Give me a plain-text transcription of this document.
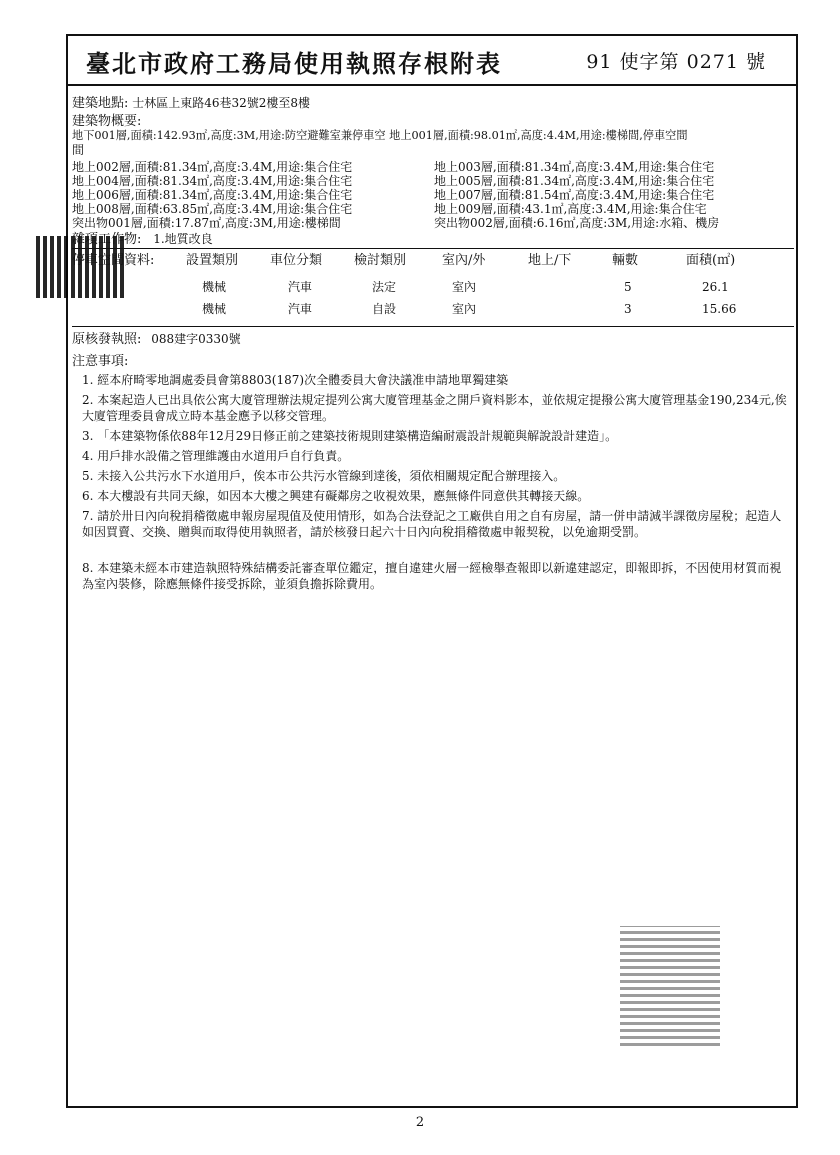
臺北市政府工務局使用執照存根附表	91 使字第 0271 號
建築地點: 士林區上東路46巷32號2樓至8樓
建築物概要:
地下001層,面積:142.93㎡,高度:3M,用途:防空避難室兼停車空 地上001層,面積:98.01㎡,高度:4.4M,用途:樓梯間,停車空間
間
地上002層,面積:81.34㎡,高度:3.4M,用途:集合住宅	地上003層,面積:81.34㎡,高度:3.4M,用途:集合住宅
地上004層,面積:81.34㎡,高度:3.4M,用途:集合住宅	地上005層,面積:81.34㎡,高度:3.4M,用途:集合住宅
地上006層,面積:81.34㎡,高度:3.4M,用途:集合住宅	地上007層,面積:81.54㎡,高度:3.4M,用途:集合住宅
地上008層,面積:63.85㎡,高度:3.4M,用途:集合住宅	地上009層,面積:43.1㎡,高度:3.4M,用途:集合住宅
突出物001層,面積:17.87㎡,高度:3M,用途:樓梯間	突出物002層,面積:6.16㎡,高度:3M,用途:水箱、機房
雜項工作物: 1.地質改良
停車空間資料: 設置類別 車位分類 檢討類別	室內/外	地上/下	輛數	面積(㎡)
機械	汽車	法定	室內	5	26.1
機械	汽車	自設	室內	3	15.66
原核發執照: 088建字0330號
注意事項:
1. 經本府畸零地調處委員會第8803(187)次全體委員大會決議准申請地單獨建築
2. 本案起造人已出具依公寓大廈管理辦法規定提列公寓大廈管理基金之開戶資料影本，並依規定提撥公寓大廈管理基金190,234元,俟大廈管理委員會成立時本基金應予以移交管理。
3. 「本建築物係依88年12月29日修正前之建築技術規則建築構造編耐震設計規範與解說設計建造」。
4. 用戶排水設備之管理維護由水道用戶自行負責。
5. 未接入公共污水下水道用戶，俟本市公共污水管線到達後，須依相關規定配合辦理接入。
6. 本大樓設有共同天線，如因本大樓之興建有礙鄰房之收視效果，應無條件同意供其轉接天線。
7. 請於卅日內向稅捐稽徵處申報房屋現值及使用情形，如為合法登記之工廠供自用之自有房屋，請一併申請減半課徵房屋稅；起造人如因買賣、交換、贈與而取得使用執照者，請於核發日起六十日內向稅捐稽徵處申報契稅，以免逾期受罰。
8. 本建築未經本市建造執照特殊結構委託審查單位鑑定，擅自違建火層一經檢舉查報即以新違建認定，即報即拆，不因使用材質而視為室內裝修，除應無條件接受拆除，並須負擔拆除費用。
2
